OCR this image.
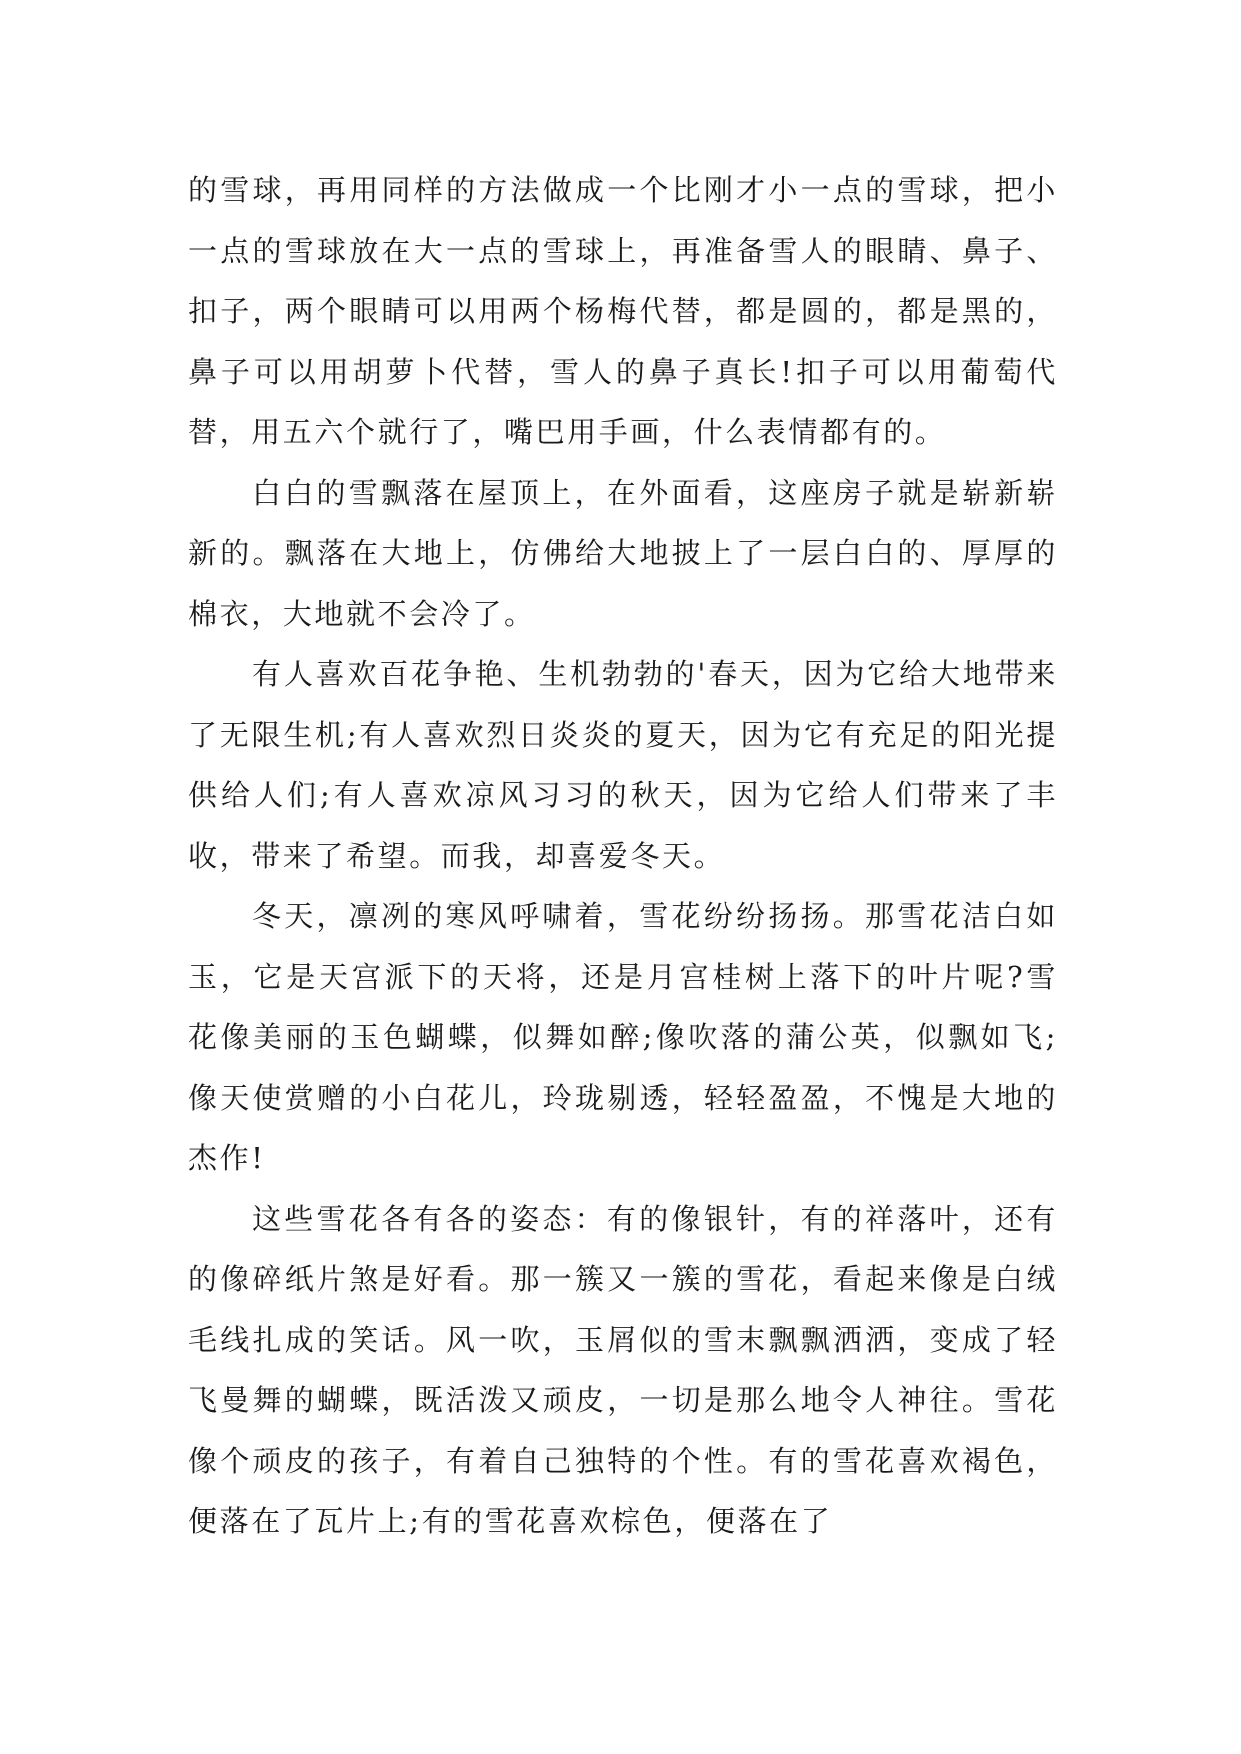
的雪球，再用同样的方法做成一个比刚才小一点的雪球，把小一点的雪球放在大一点的雪球上，再准备雪人的眼睛、鼻子、扣子，两个眼睛可以用两个杨梅代替，都是圆的，都是黑的，鼻子可以用胡萝卜代替，雪人的鼻子真长!扣子可以用葡萄代替，用五六个就行了，嘴巴用手画，什么表情都有的。

白白的雪飘落在屋顶上，在外面看，这座房子就是崭新崭新的。飘落在大地上，仿佛给大地披上了一层白白的、厚厚的棉衣，大地就不会冷了。

有人喜欢百花争艳、生机勃勃的'春天，因为它给大地带来了无限生机;有人喜欢烈日炎炎的夏天，因为它有充足的阳光提供给人们;有人喜欢凉风习习的秋天，因为它给人们带来了丰收，带来了希望。而我，却喜爱冬天。

冬天，凛冽的寒风呼啸着，雪花纷纷扬扬。那雪花洁白如玉，它是天宫派下的天将，还是月宫桂树上落下的叶片呢?雪花像美丽的玉色蝴蝶，似舞如醉;像吹落的蒲公英，似飘如飞;像天使赏赠的小白花儿，玲珑剔透，轻轻盈盈，不愧是大地的杰作!

这些雪花各有各的姿态：有的像银针，有的祥落叶，还有的像碎纸片煞是好看。那一簇又一簇的雪花，看起来像是白绒毛线扎成的笑话。风一吹，玉屑似的雪末飘飘洒洒，变成了轻飞曼舞的蝴蝶，既活泼又顽皮，一切是那么地令人神往。雪花像个顽皮的孩子，有着自己独特的个性。有的雪花喜欢褐色，便落在了瓦片上;有的雪花喜欢棕色，便落在了
